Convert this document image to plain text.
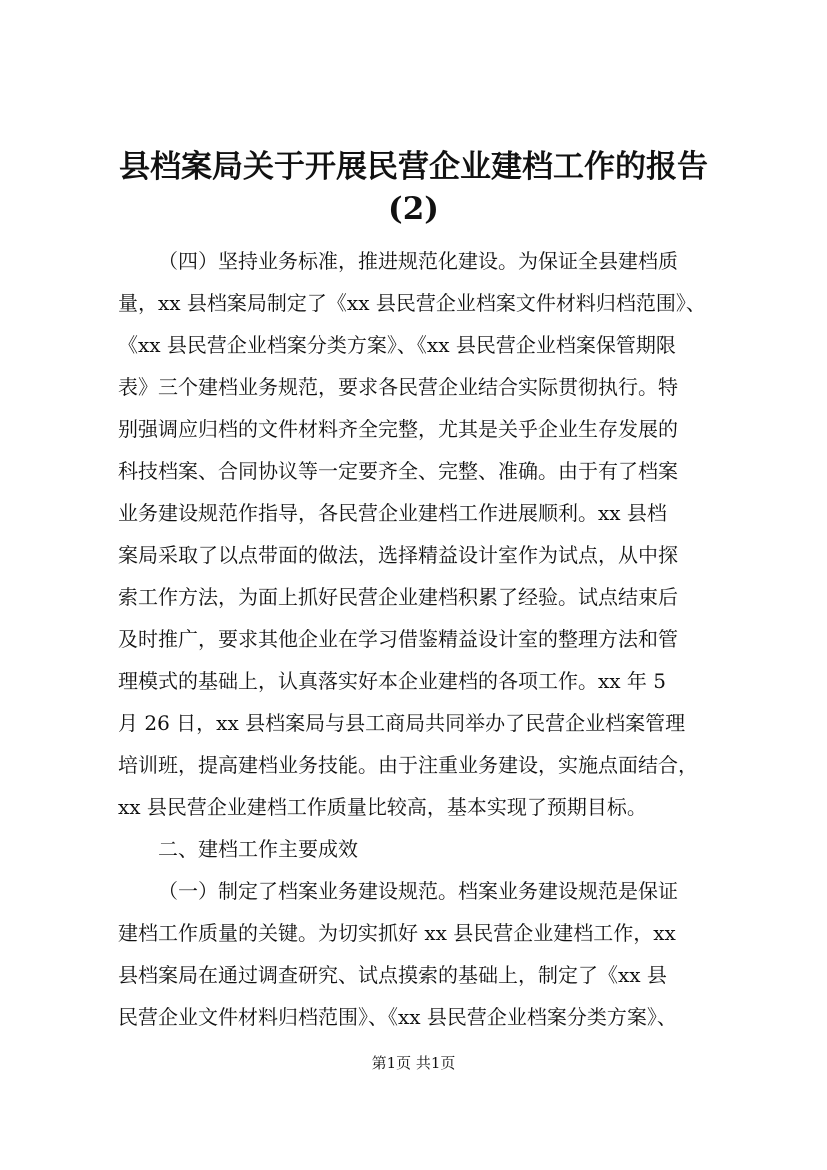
县档案局关于开展民营企业建档工作的报告
(2)
（四）坚持业务标准，推进规范化建设。为保证全县建档质
量，xx 县档案局制定了《xx 县民营企业档案文件材料归档范围》、
《xx 县民营企业档案分类方案》、《xx 县民营企业档案保管期限
表》三个建档业务规范，要求各民营企业结合实际贯彻执行。特
别强调应归档的文件材料齐全完整，尤其是关乎企业生存发展的
科技档案、合同协议等一定要齐全、完整、准确。由于有了档案
业务建设规范作指导，各民营企业建档工作进展顺利。xx 县档
案局采取了以点带面的做法，选择精益设计室作为试点，从中探
索工作方法，为面上抓好民营企业建档积累了经验。试点结束后
及时推广，要求其他企业在学习借鉴精益设计室的整理方法和管
理模式的基础上，认真落实好本企业建档的各项工作。xx 年 5
月 26 日，xx 县档案局与县工商局共同举办了民营企业档案管理
培训班，提高建档业务技能。由于注重业务建设，实施点面结合，
xx 县民营企业建档工作质量比较高，基本实现了预期目标。
二、建档工作主要成效
（一）制定了档案业务建设规范。档案业务建设规范是保证
建档工作质量的关键。为切实抓好 xx 县民营企业建档工作，xx
县档案局在通过调查研究、试点摸索的基础上，制定了《xx 县
民营企业文件材料归档范围》、《xx 县民营企业档案分类方案》、
第1页 共1页
